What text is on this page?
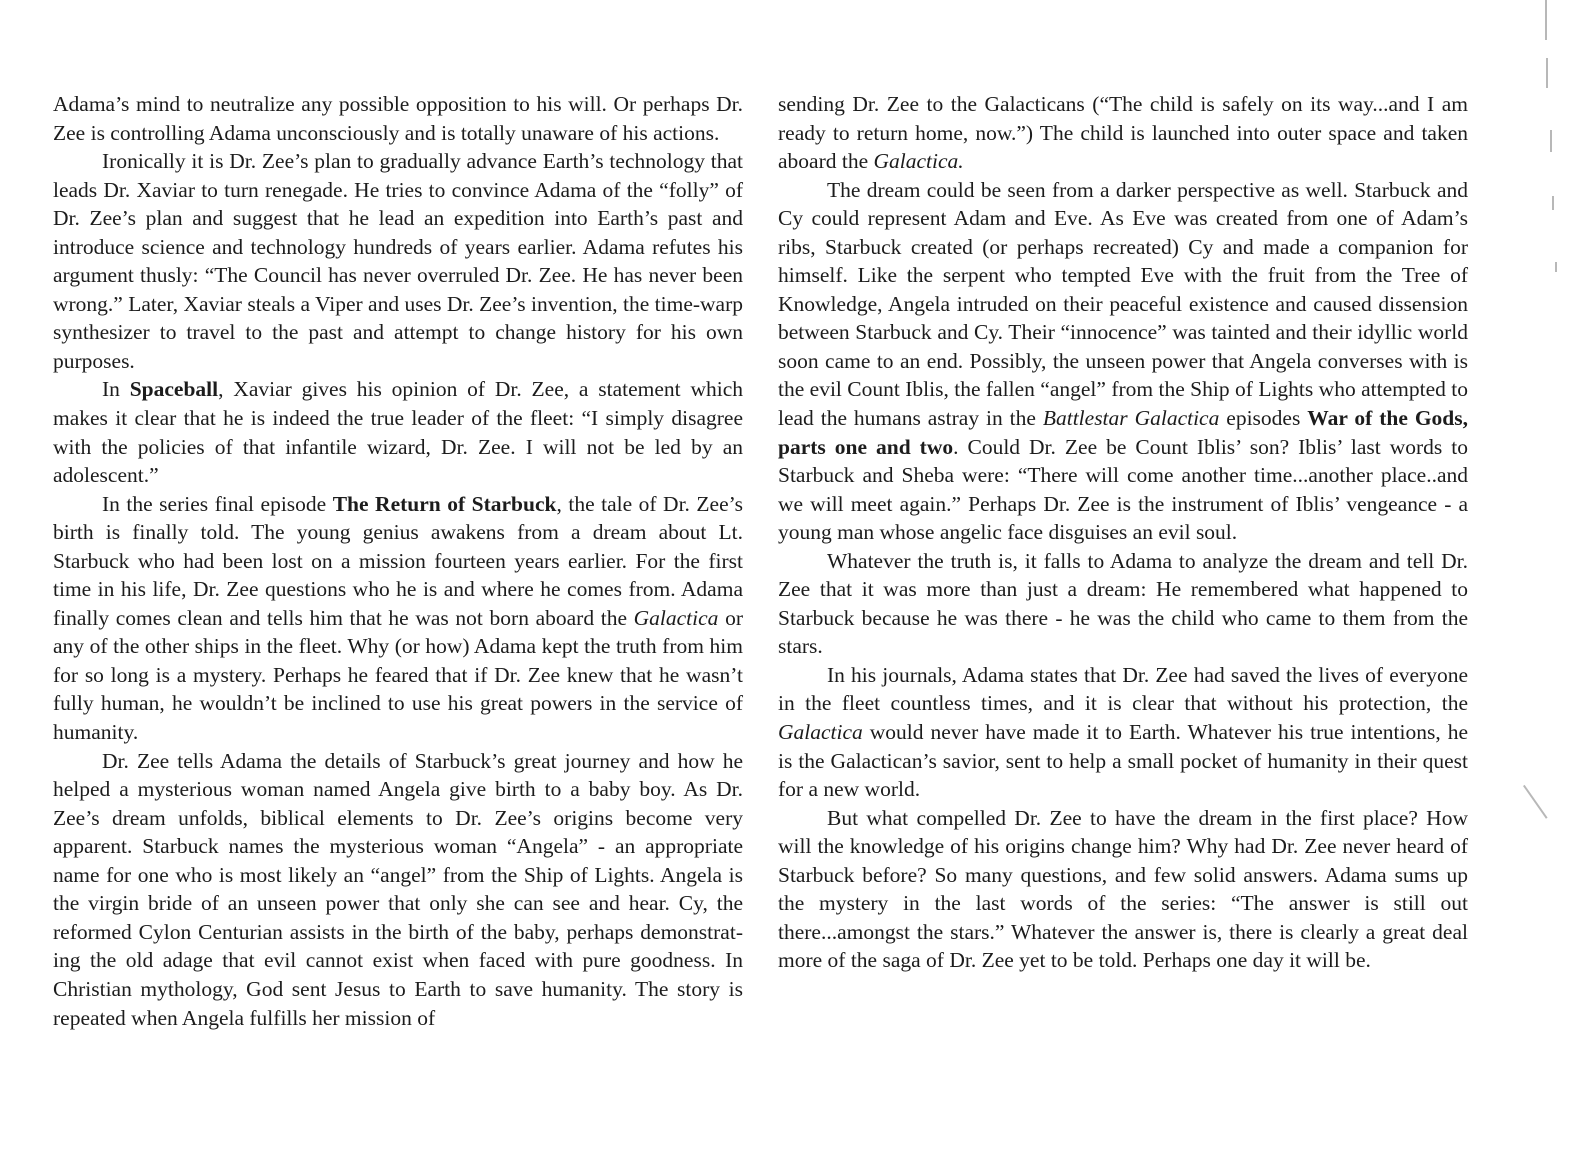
Adama’s mind to neutralize any possible opposition to his will. Or perhaps Dr. Zee is controlling Adama unconsciously and is totally unaware of his actions.

Ironically it is Dr. Zee’s plan to gradually advance Earth’s technology that leads Dr. Xaviar to turn renegade. He tries to convince Adama of the “folly” of Dr. Zee’s plan and suggest that he lead an expedition into Earth’s past and introduce science and technology hundreds of years earlier. Adama refutes his argument thusly: “The Council has never overruled Dr. Zee. He has never been wrong.” Later, Xaviar steals a Viper and uses Dr. Zee’s invention, the time-warp synthesizer to travel to the past and attempt to change history for his own purposes.

In Spaceball, Xaviar gives his opinion of Dr. Zee, a statement which makes it clear that he is indeed the true leader of the fleet: “I simply disagree with the policies of that infantile wizard, Dr. Zee. I will not be led by an adolescent.”

In the series final episode The Return of Starbuck, the tale of Dr. Zee’s birth is finally told. The young genius awakens from a dream about Lt. Starbuck who had been lost on a mission fourteen years earlier. For the first time in his life, Dr. Zee questions who he is and where he comes from. Adama finally comes clean and tells him that he was not born aboard the Galactica or any of the other ships in the fleet. Why (or how) Adama kept the truth from him for so long is a mystery. Perhaps he feared that if Dr. Zee knew that he wasn’t fully human, he wouldn’t be inclined to use his great powers in the service of humanity.

Dr. Zee tells Adama the details of Starbuck’s great journey and how he helped a mysterious woman named Angela give birth to a baby boy. As Dr. Zee’s dream unfolds, biblical elements to Dr. Zee’s origins become very apparent. Starbuck names the mysterious woman “Angela” - an appropriate name for one who is most likely an “angel” from the Ship of Lights. Angela is the virgin bride of an unseen power that only she can see and hear. Cy, the reformed Cylon Centurian assists in the birth of the baby, perhaps demonstrating the old adage that evil cannot exist when faced with pure goodness. In Christian mythology, God sent Jesus to Earth to save humanity. The story is repeated when Angela fulfills her mission of

sending Dr. Zee to the Galacticans (“The child is safely on its way...and I am ready to return home, now.”) The child is launched into outer space and taken aboard the Galactica.

The dream could be seen from a darker perspective as well. Starbuck and Cy could represent Adam and Eve. As Eve was created from one of Adam’s ribs, Starbuck created (or perhaps recreated) Cy and made a companion for himself. Like the serpent who tempted Eve with the fruit from the Tree of Knowledge, Angela intruded on their peaceful existence and caused dissension between Starbuck and Cy. Their “innocence” was tainted and their idyllic world soon came to an end. Possibly, the unseen power that Angela converses with is the evil Count Iblis, the fallen “angel” from the Ship of Lights who attempted to lead the humans astray in the Battlestar Galactica episodes War of the Gods, parts one and two. Could Dr. Zee be Count Iblis’ son? Iblis’ last words to Starbuck and Sheba were: “There will come another time...another place..and we will meet again.” Perhaps Dr. Zee is the instrument of Iblis’ vengeance - a young man whose angelic face disguises an evil soul.

Whatever the truth is, it falls to Adama to analyze the dream and tell Dr. Zee that it was more than just a dream: He remembered what happened to Starbuck because he was there - he was the child who came to them from the stars.

In his journals, Adama states that Dr. Zee had saved the lives of everyone in the fleet countless times, and it is clear that without his protection, the Galactica would never have made it to Earth. Whatever his true intentions, he is the Galactican’s savior, sent to help a small pocket of humanity in their quest for a new world.

But what compelled Dr. Zee to have the dream in the first place? How will the knowledge of his origins change him? Why had Dr. Zee never heard of Starbuck before? So many questions, and few solid answers. Adama sums up the mystery in the last words of the series: “The answer is still out there...amongst the stars.” Whatever the answer is, there is clearly a great deal more of the saga of Dr. Zee yet to be told. Perhaps one day it will be.
